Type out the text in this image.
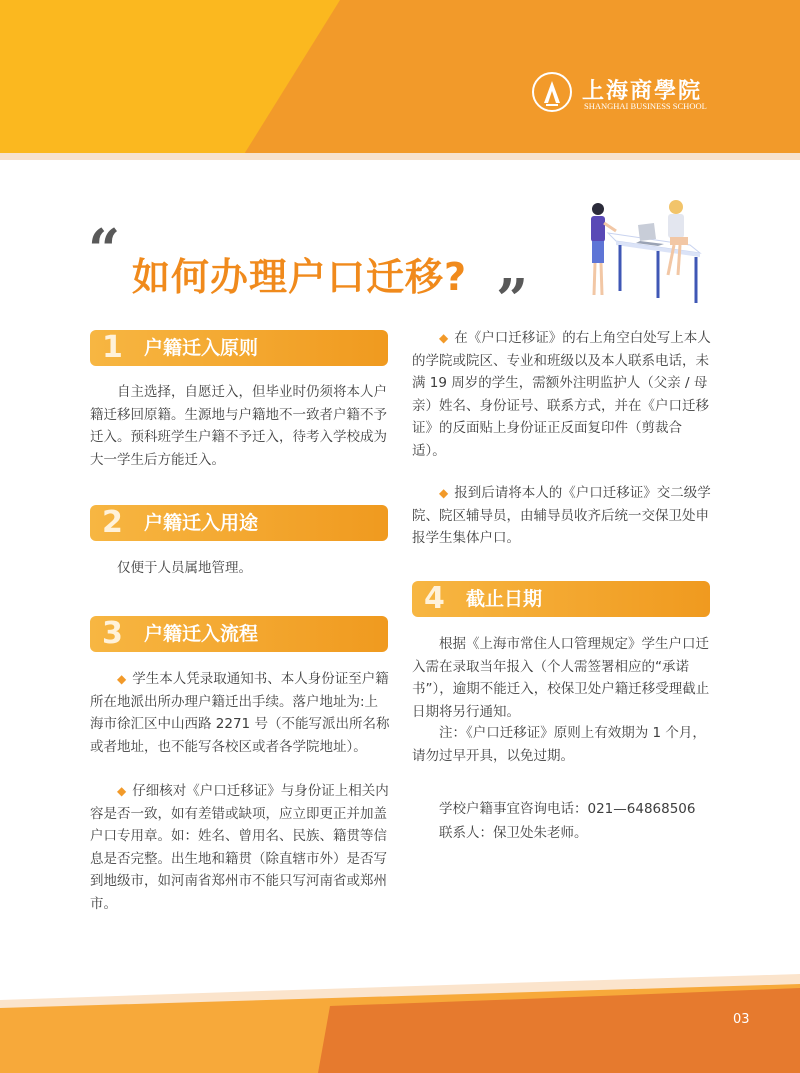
上海商學院
SHANGHAI BUSINESS SCHOOL
“ 如何办理户口迁移? ”
1 户籍迁入原则

自主选择，自愿迁入，但毕业时仍须将本人户籍迁移回原籍。生源地与户籍地不一致者户籍不予迁入。预科班学生户籍不予迁入，待考入学校成为大一学生后方能迁入。

2 户籍迁入用途

仅便于人员属地管理。

3 户籍迁入流程

◆ 学生本人凭录取通知书、本人身份证至户籍所在地派出所办理户籍迁出手续。落户地址为:上海市徐汇区中山西路 2271 号（不能写派出所名称或者地址，也不能写各校区或者各学院地址）。

◆ 仔细核对《户口迁移证》与身份证上相关内容是否一致，如有差错或缺项，应立即更正并加盖户口专用章。如：姓名、曾用名、民族、籍贯等信息是否完整。出生地和籍贯（除直辖市外）是否写到地级市，如河南省郑州市不能只写河南省或郑州市。

◆ 在《户口迁移证》的右上角空白处写上本人的学院或院区、专业和班级以及本人联系电话，未满 19 周岁的学生，需额外注明监护人（父亲 / 母亲）姓名、身份证号、联系方式，并在《户口迁移证》的反面贴上身份证正反面复印件（剪裁合适）。

◆ 报到后请将本人的《户口迁移证》交二级学院、院区辅导员，由辅导员收齐后统一交保卫处申报学生集体户口。

4 截止日期

根据《上海市常住人口管理规定》学生户口迁入需在录取当年报入（个人需签署相应的“承诺书”），逾期不能迁入，校保卫处户籍迁移受理截止日期将另行通知。

注：《户口迁移证》原则上有效期为 1 个月，请勿过早开具，以免过期。

学校户籍事宜咨询电话：021—64868506

联系人：保卫处朱老师。

03
